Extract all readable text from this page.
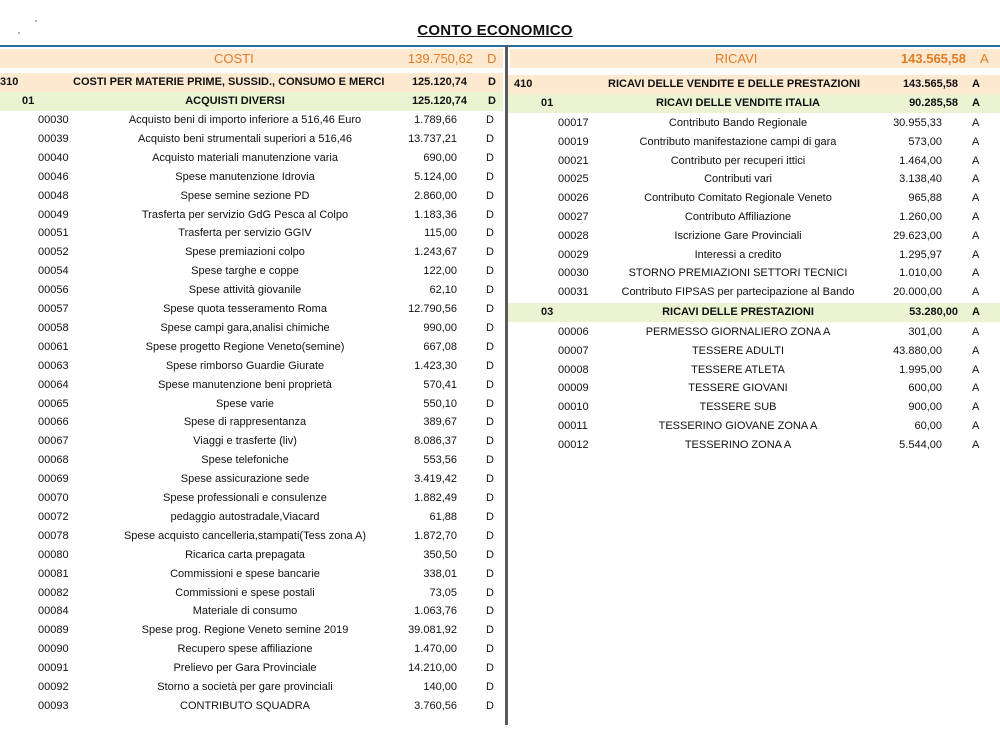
CONTO ECONOMICO
COSTI	139.750,62 D	RICAVI	143.565,58 A
310	COSTI PER MATERIE PRIME, SUSSID., CONSUMO E MERCI	125.120,74 D
01	ACQUISTI DIVERSI	125.120,74 D
00030	Acquisto beni di importo inferiore a 516,46 Euro	1.789,66	D
00039	Acquisto beni strumentali superiori a 516,46	13.737,21	D
00040	Acquisto materiali manutenzione varia	690,00	D
00046	Spese manutenzione Idrovia	5.124,00	D
00048	Spese semine sezione PD	2.860,00	D
00049	Trasferta per servizio GdG Pesca al Colpo	1.183,36	D
00051	Trasferta per servizio GGIV	115,00	D
00052	Spese premiazioni colpo	1.243,67	D
00054	Spese targhe e coppe	122,00	D
00056	Spese attività giovanile	62,10	D
00057	Spese quota tesseramento Roma	12.790,56	D
00058	Spese campi gara,analisi chimiche	990,00	D
00061	Spese progetto Regione Veneto(semine)	667,08	D
00063	Spese rimborso Guardie Giurate	1.423,30	D
00064	Spese manutenzione beni proprietà	570,41	D
00065	Spese varie	550,10	D
00066	Spese di rappresentanza	389,67	D
00067	Viaggi e trasferte (liv)	8.086,37	D
00068	Spese telefoniche	553,56	D
00069	Spese assicurazione sede	3.419,42	D
00070	Spese professionali e consulenze	1.882,49	D
00072	pedaggio autostradale,Viacard	61,88	D
00078	Spese acquisto cancelleria,stampati(Tess zona A)	1.872,70	D
00080	Ricarica carta prepagata	350,50	D
00081	Commissioni e spese bancarie	338,01	D
00082	Commissioni e spese postali	73,05	D
00084	Materiale di consumo	1.063,76	D
00089	Spese prog. Regione Veneto semine 2019	39.081,92	D
00090	Recupero spese affiliazione	1.470,00	D
00091	Prelievo per Gara Provinciale	14.210,00	D
00092	Storno a società per gare provinciali	140,00	D
00093	CONTRIBUTO SQUADRA	3.760,56	D
410	RICAVI DELLE VENDITE E DELLE PRESTAZIONI	143.565,58 A
01	RICAVI DELLE VENDITE ITALIA	90.285,58 A
00017	Contributo Bando Regionale	30.955,33	A
00019	Contributo manifestazione campi di gara	573,00	A
00021	Contributo per recuperi ittici	1.464,00	A
00025	Contributi vari	3.138,40	A
00026	Contributo Comitato Regionale Veneto	965,88	A
00027	Contributo Affiliazione	1.260,00	A
00028	Iscrizione Gare Provinciali	29.623,00	A
00029	Interessi a credito	1.295,97	A
00030	STORNO PREMIAZIONI SETTORI TECNICI	1.010,00	A
00031	Contributo FIPSAS per partecipazione al Bando	20.000,00	A
03	RICAVI DELLE PRESTAZIONI	53.280,00 A
00006	PERMESSO GIORNALIERO ZONA A	301,00	A
00007	TESSERE ADULTI	43.880,00	A
00008	TESSERE ATLETA	1.995,00	A
00009	TESSERE GIOVANI	600,00	A
00010	TESSERE SUB	900,00	A
00011	TESSERINO GIOVANE ZONA A	60,00	A
00012	TESSERINO ZONA A	5.544,00	A
